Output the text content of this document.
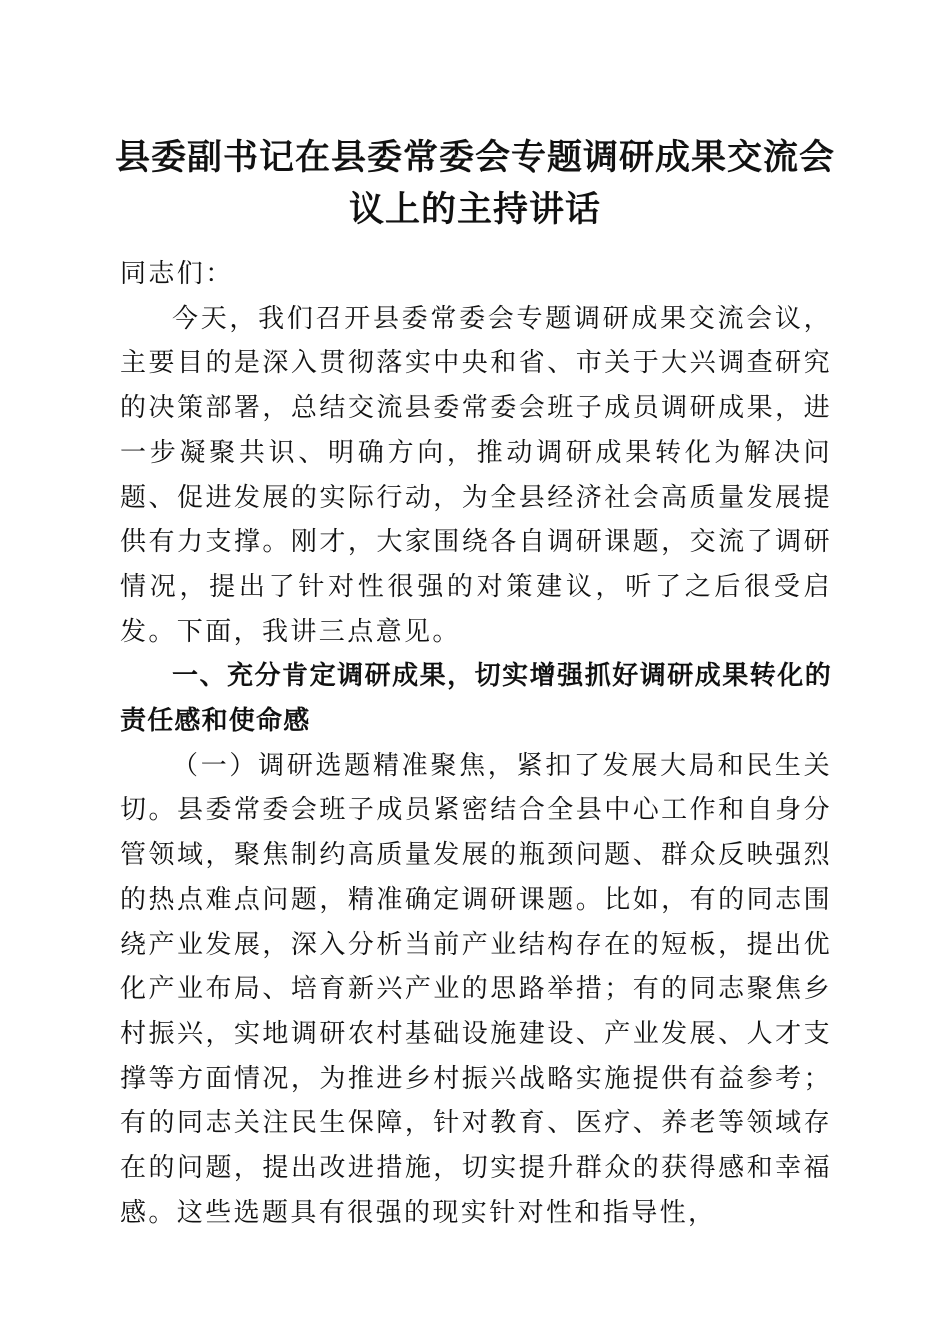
县委副书记在县委常委会专题调研成果交流会
议上的主持讲话

同志们：

今天，我们召开县委常委会专题调研成果交流会议，主要目的是深入贯彻落实中央和省、市关于大兴调查研究的决策部署，总结交流县委常委会班子成员调研成果，进一步凝聚共识、明确方向，推动调研成果转化为解决问题、促进发展的实际行动，为全县经济社会高质量发展提供有力支撑。刚才，大家围绕各自调研课题，交流了调研情况，提出了针对性很强的对策建议，听了之后很受启发。下面，我讲三点意见。

一、充分肯定调研成果，切实增强抓好调研成果转化的责任感和使命感

（一）调研选题精准聚焦，紧扣了发展大局和民生关切。县委常委会班子成员紧密结合全县中心工作和自身分管领域，聚焦制约高质量发展的瓶颈问题、群众反映强烈的热点难点问题，精准确定调研课题。比如，有的同志围绕产业发展，深入分析当前产业结构存在的短板，提出优化产业布局、培育新兴产业的思路举措；有的同志聚焦乡村振兴，实地调研农村基础设施建设、产业发展、人才支撑等方面情况，为推进乡村振兴战略实施提供有益参考；有的同志关注民生保障，针对教育、医疗、养老等领域存在的问题，提出改进措施，切实提升群众的获得感和幸福感。这些选题具有很强的现实针对性和指导性，
